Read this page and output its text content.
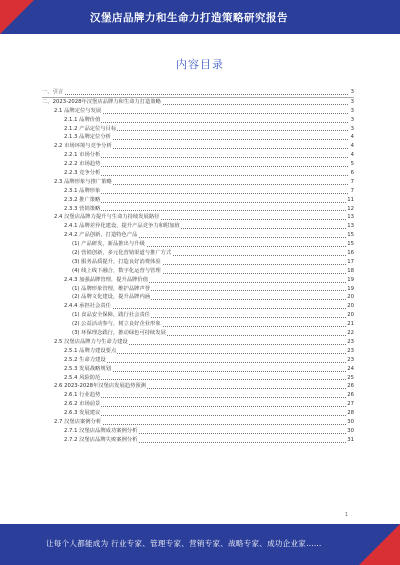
汉堡店品牌力和生命力打造策略研究报告
内容目录
一、引言	3
二、2023-2028年汉堡店品牌力和生命力打造策略	3
2.1 品牌定位与发展	3
2.1.1 品牌价值	3
2.1.2 产品定位与目标	3
2.1.3 品牌定位分析	4
2.2 市场环境与竞争分析	4
2.2.1 市场分析	4
2.2.2 市场趋势	5
2.2.3 竞争分析	6
2.3 品牌形象与推广策略	7
2.3.1 品牌形象	7
2.3.2 推广策略	11
2.3.3 营销策略	12
2.4 汉堡店品牌力提升与生命力持续发展路径	13
2.4.1 品牌差异化建设，提升产品竞争力和附加值	13
2.4.2 产品创新，打造特色产品	15
(1) 产品研发，新品推出与升级	15
(2) 营销创新，多元化营销渠道与推广方式	16
(3) 服务品质提升，打造良好消费体验	17
(4) 线上线下融合，数字化运营与管理	18
2.4.3 加强品牌管理，提升品牌价值	19
(1) 品牌形象管理，维护品牌声誉	19
(2) 品牌文化建设，提升品牌内涵	20
2.4.4 承担社会责任	20
(1) 食品安全保障，践行社会责任	20
(2) 公益活动参与，树立良好企业形象	21
(3) 环保理念践行，推动绿色可持续发展	22
2.5 汉堡店品牌力与生命力建设	23
2.5.1 品牌力建设要点	23
2.5.2 生命力建设	23
2.5.3 发展战略规划	24
2.5.4 风险防范	25
2.6 2023-2028年汉堡店发展趋势预测	26
2.6.1 行业趋势	26
2.6.2 市场前景	27
2.6.3 发展建议	28
2.7 汉堡店案例分析	30
2.7.1 汉堡店品牌成功案例分析	30
2.7.2 汉堡店品牌失败案例分析	31
1
让每个人都能成为 行业专家、管理专家、营销专家、战略专家、成功企业家……
